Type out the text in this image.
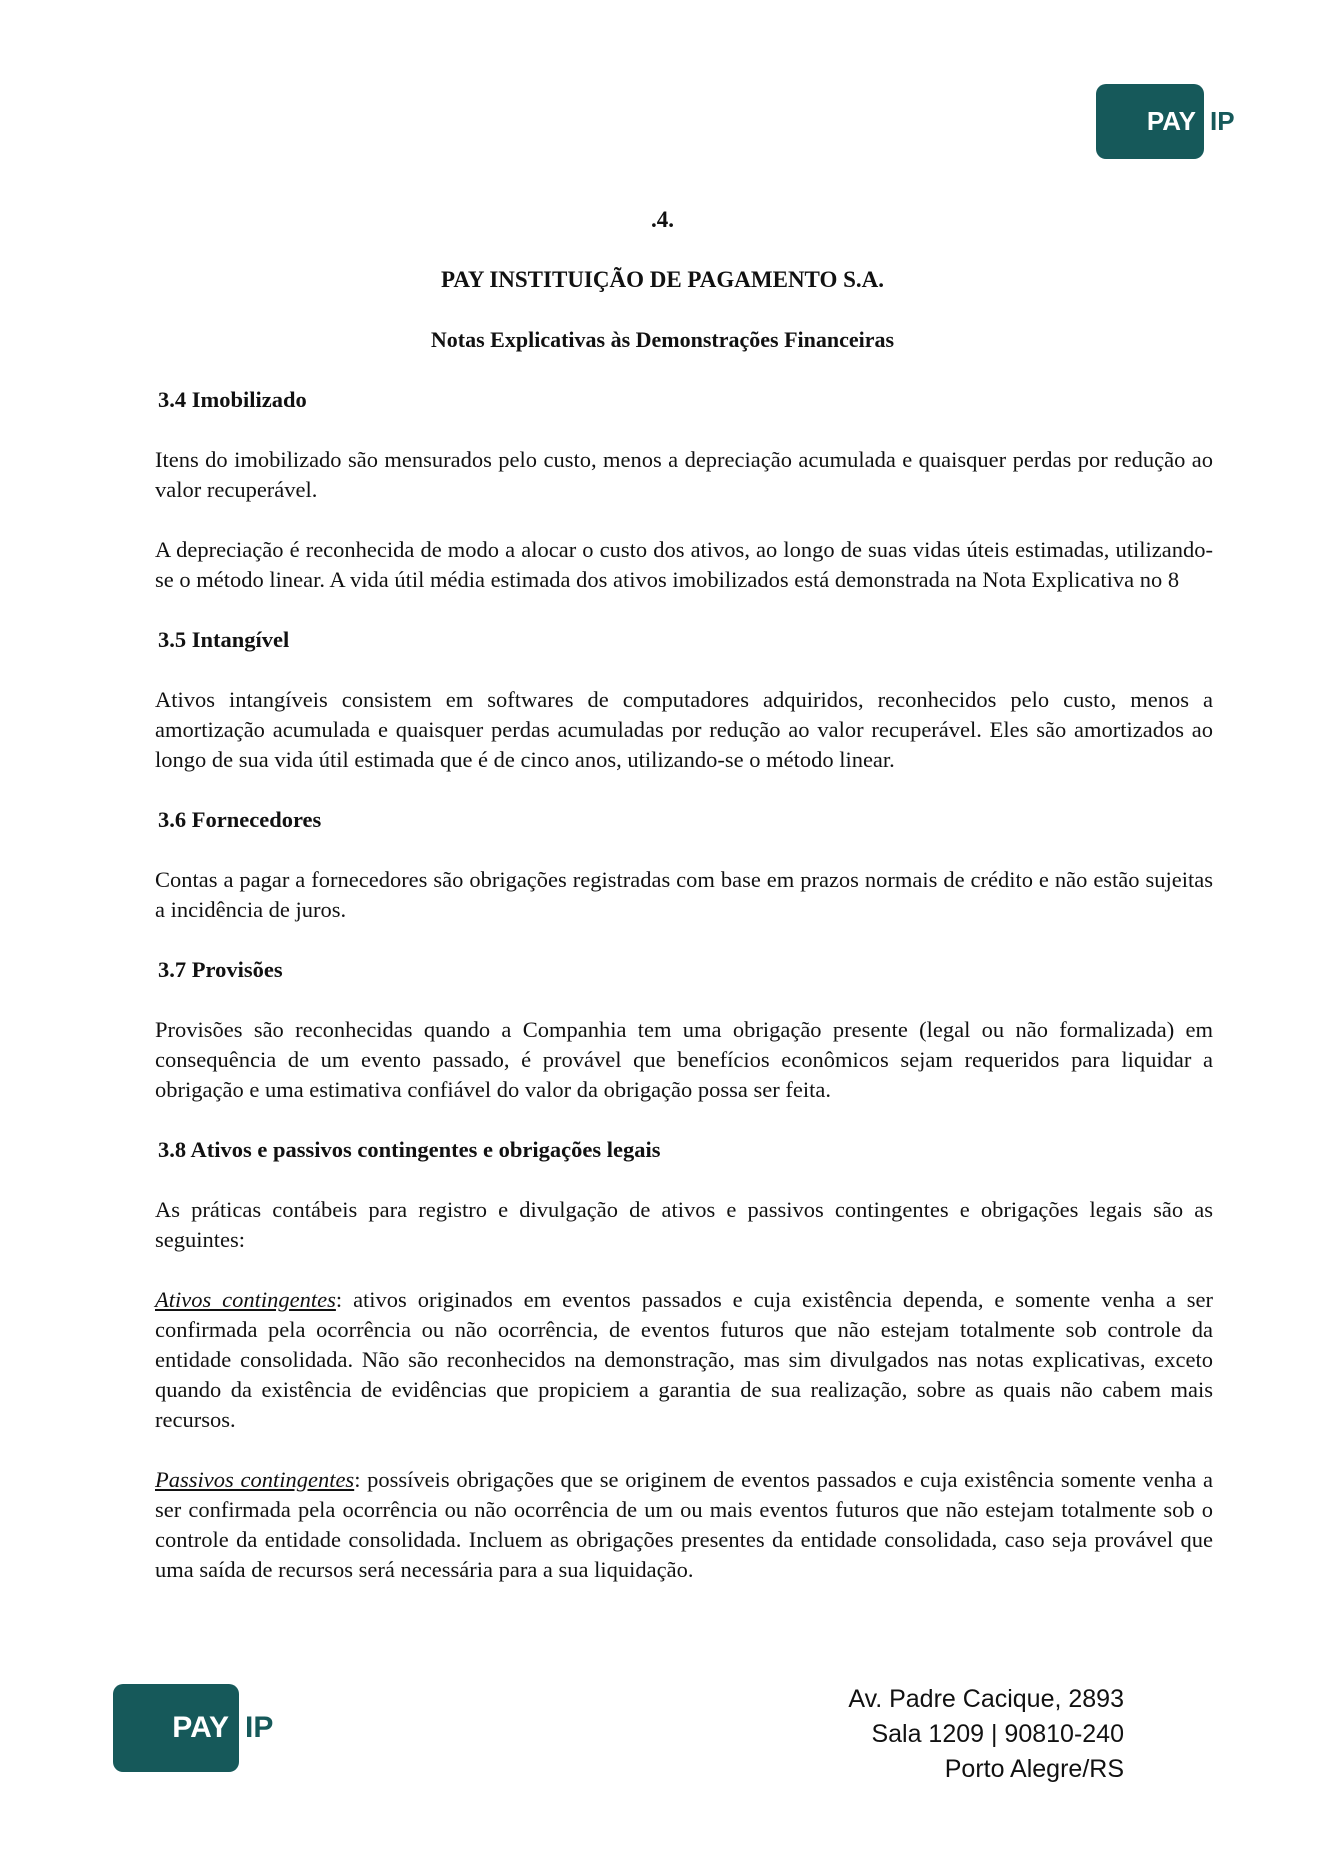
PAY IP
.4.
PAY INSTITUIÇÃO DE PAGAMENTO S.A.
Notas Explicativas às Demonstrações Financeiras
3.4 Imobilizado

Itens do imobilizado são mensurados pelo custo, menos a depreciação acumulada e quaisquer perdas por redução ao valor recuperável.

A depreciação é reconhecida de modo a alocar o custo dos ativos, ao longo de suas vidas úteis estimadas, utilizando-se o método linear. A vida útil média estimada dos ativos imobilizados está demonstrada na Nota Explicativa no 8

3.5 Intangível

Ativos intangíveis consistem em softwares de computadores adquiridos, reconhecidos pelo custo, menos a amortização acumulada e quaisquer perdas acumuladas por redução ao valor recuperável. Eles são amortizados ao longo de sua vida útil estimada que é de cinco anos, utilizando-se o método linear.

3.6 Fornecedores

Contas a pagar a fornecedores são obrigações registradas com base em prazos normais de crédito e não estão sujeitas a incidência de juros.

3.7 Provisões

Provisões são reconhecidas quando a Companhia tem uma obrigação presente (legal ou não formalizada) em consequência de um evento passado, é provável que benefícios econômicos sejam requeridos para liquidar a obrigação e uma estimativa confiável do valor da obrigação possa ser feita.

3.8 Ativos e passivos contingentes e obrigações legais

As práticas contábeis para registro e divulgação de ativos e passivos contingentes e obrigações legais são as seguintes:

Ativos contingentes: ativos originados em eventos passados e cuja existência dependa, e somente venha a ser confirmada pela ocorrência ou não ocorrência, de eventos futuros que não estejam totalmente sob controle da entidade consolidada. Não são reconhecidos na demonstração, mas sim divulgados nas notas explicativas, exceto quando da existência de evidências que propiciem a garantia de sua realização, sobre as quais não cabem mais recursos.

Passivos contingentes: possíveis obrigações que se originem de eventos passados e cuja existência somente venha a ser confirmada pela ocorrência ou não ocorrência de um ou mais eventos futuros que não estejam totalmente sob o controle da entidade consolidada. Incluem as obrigações presentes da entidade consolidada, caso seja provável que uma saída de recursos será necessária para a sua liquidação.

PAY IP
Av. Padre Cacique, 2893
Sala 1209 | 90810-240
Porto Alegre/RS
